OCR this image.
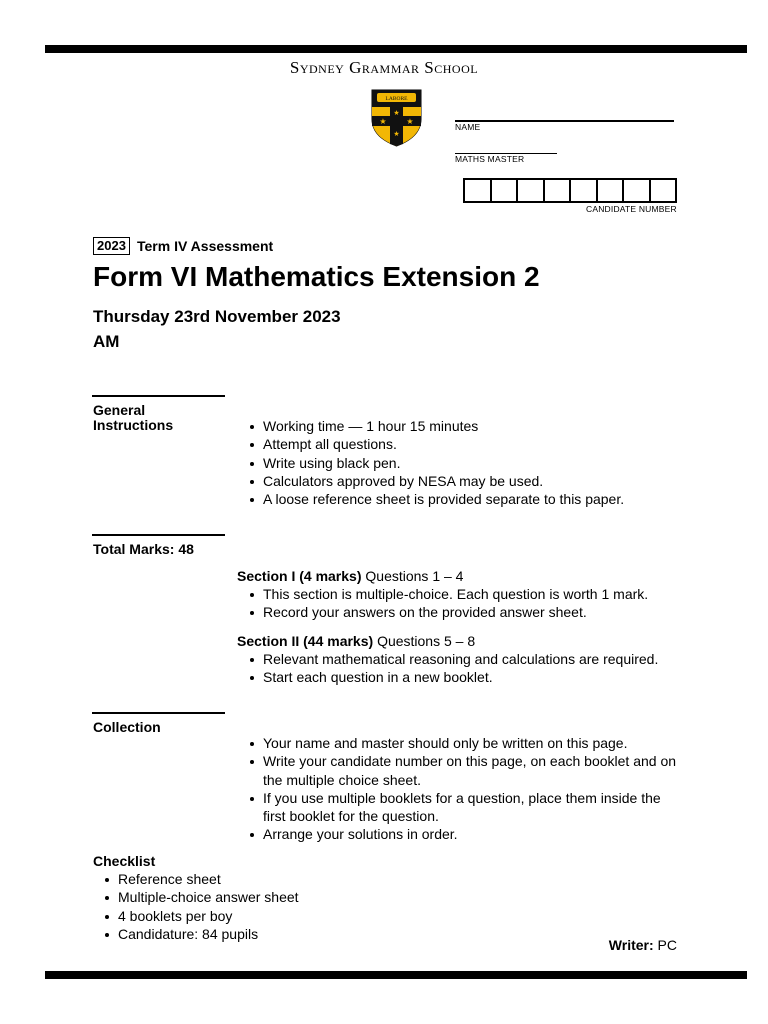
Sydney Grammar School
LABORE
★ ★
★
★
NAME
MATHS MASTER
CANDIDATE NUMBER
2023 Term IV Assessment
Form VI Mathematics Extension 2
Thursday 23rd November 2023
AM
General
Instructions	Working time — 1 hour 15 minutes
Attempt all questions.
Write using black pen.
Calculators approved by NESA may be used.
A loose reference sheet is provided separate to this paper.
Total Marks: 48
Section I (4 marks) Questions 1 – 4
This section is multiple-choice. Each question is worth 1 mark.
Record your answers on the provided answer sheet.
Section II (44 marks) Questions 5 – 8
Relevant mathematical reasoning and calculations are required.
Start each question in a new booklet.
Collection
Your name and master should only be written on this page.
Write your candidate number on this page, on each booklet and on the multiple choice sheet.
If you use multiple booklets for a question, place them inside the first booklet for the question.
Arrange your solutions in order.
Checklist
Reference sheet
Multiple-choice answer sheet
4 booklets per boy
Candidature: 84 pupils
Writer: PC
